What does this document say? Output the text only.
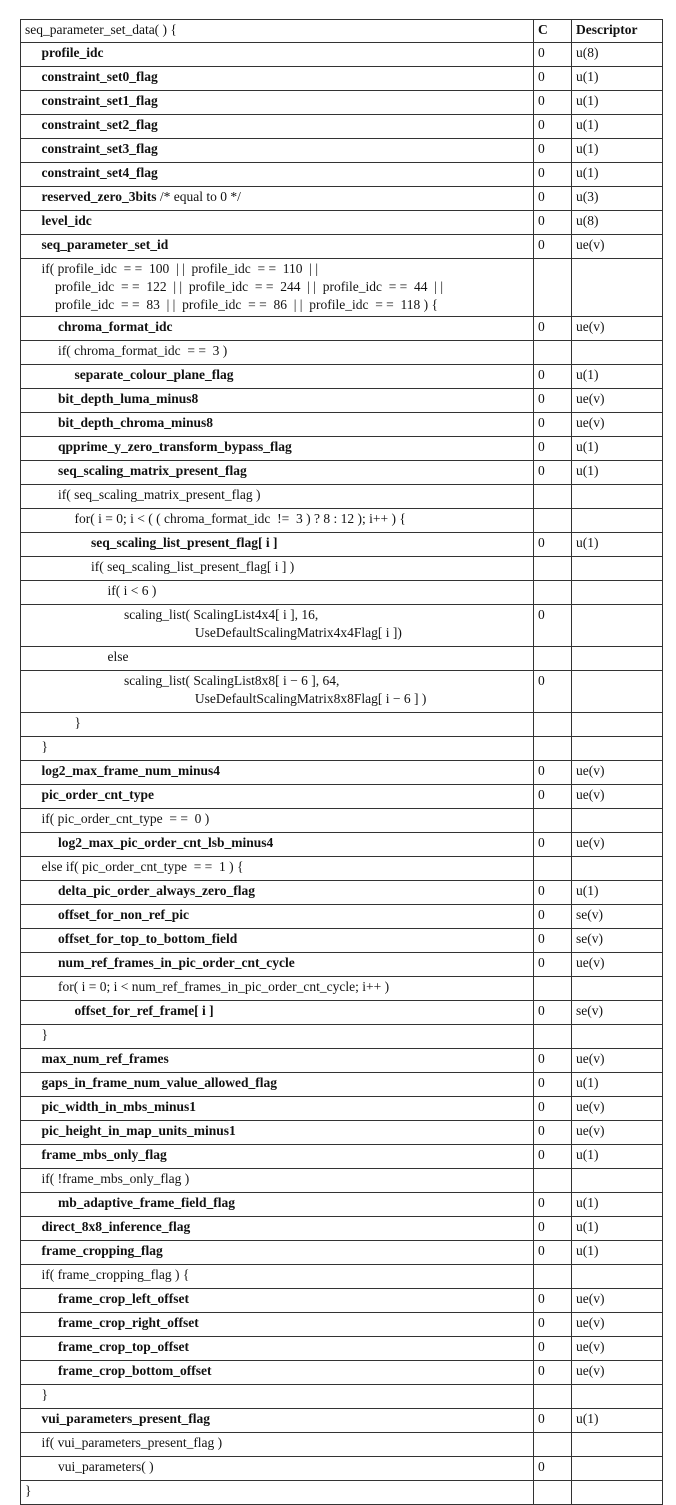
seq_parameter_set_data( ) {	C	Descriptor

profile_idc	0	u(8)

constraint_set0_flag	0	u(1)

constraint_set1_flag	0	u(1)

constraint_set2_flag	0	u(1)

constraint_set3_flag	0	u(1)

constraint_set4_flag	0	u(1)

reserved_zero_3bits /* equal to 0 */	0	u(3)

level_idc	0	u(8)

seq_parameter_set_id	0	ue(v)

if( profile_idc  = =  100  | |  profile_idc  = =  110  | |
profile_idc  = =  122  | |  profile_idc  = =  244  | |  profile_idc  = =  44  | |
profile_idc  = =  83  | |  profile_idc  = =  86  | |  profile_idc  = =  118 ) {		

chroma_format_idc	0	ue(v)

if( chroma_format_idc  = =  3 )		

separate_colour_plane_flag	0	u(1)

bit_depth_luma_minus8	0	ue(v)

bit_depth_chroma_minus8	0	ue(v)

qpprime_y_zero_transform_bypass_flag	0	u(1)

seq_scaling_matrix_present_flag	0	u(1)

if( seq_scaling_matrix_present_flag )		

for( i = 0; i < ( ( chroma_format_idc  !=  3 ) ? 8 : 12 ); i++ ) {		

seq_scaling_list_present_flag[ i ]	0	u(1)

if( seq_scaling_list_present_flag[ i ] )		

if( i < 6 )		

scaling_list( ScalingList4x4[ i ], 16,
UseDefaultScalingMatrix4x4Flag[ i ])	0	

else		

scaling_list( ScalingList8x8[ i − 6 ], 64,
UseDefaultScalingMatrix8x8Flag[ i − 6 ] )	0	

}		

}		

log2_max_frame_num_minus4	0	ue(v)

pic_order_cnt_type	0	ue(v)

if( pic_order_cnt_type  = =  0 )		

log2_max_pic_order_cnt_lsb_minus4	0	ue(v)

else if( pic_order_cnt_type  = =  1 ) {		

delta_pic_order_always_zero_flag	0	u(1)

offset_for_non_ref_pic	0	se(v)

offset_for_top_to_bottom_field	0	se(v)

num_ref_frames_in_pic_order_cnt_cycle	0	ue(v)

for( i = 0; i < num_ref_frames_in_pic_order_cnt_cycle; i++ )		

offset_for_ref_frame[ i ]	0	se(v)

}		

max_num_ref_frames	0	ue(v)

gaps_in_frame_num_value_allowed_flag	0	u(1)

pic_width_in_mbs_minus1	0	ue(v)

pic_height_in_map_units_minus1	0	ue(v)

frame_mbs_only_flag	0	u(1)

if( !frame_mbs_only_flag )		

mb_adaptive_frame_field_flag	0	u(1)

direct_8x8_inference_flag	0	u(1)

frame_cropping_flag	0	u(1)

if( frame_cropping_flag ) {		

frame_crop_left_offset	0	ue(v)

frame_crop_right_offset	0	ue(v)

frame_crop_top_offset	0	ue(v)

frame_crop_bottom_offset	0	ue(v)

}		

vui_parameters_present_flag	0	u(1)

if( vui_parameters_present_flag )		

vui_parameters( )	0	

}		
